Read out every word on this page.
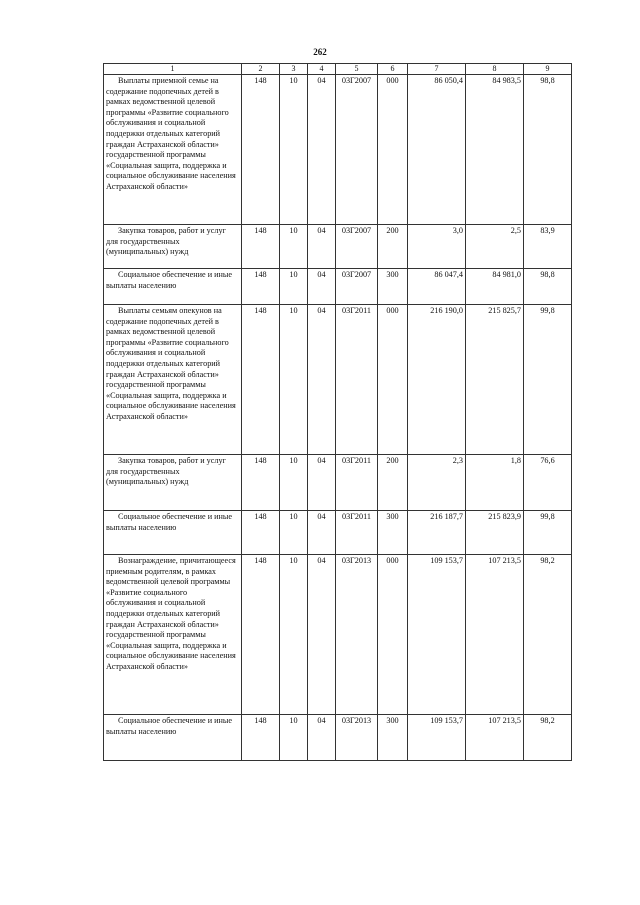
262
1	2	3	4	5	6	7	8	9
Выплаты приемной семье на содержание подопечных детей в рамках ведомственной целевой программы «Развитие социального обслуживания и социальной поддержки отдельных категорий граждан Астраханской области» государственной программы «Социальная защита, поддержка и социальное обслуживание населения Астраханской области»	148	10	04	03Г2007	000	86 050,4	84 983,5	98,8
Закупка товаров, работ и услуг для государственных (муниципальных) нужд	148	10	04	03Г2007	200	3,0	2,5	83,9
Социальное обеспечение и иные выплаты населению	148	10	04	03Г2007	300	86 047,4	84 981,0	98,8
Выплаты семьям опекунов на содержание подопечных детей в рамках ведомственной целевой программы «Развитие социального обслуживания и социальной поддержки отдельных категорий граждан Астраханской области» государственной программы «Социальная защита, поддержка и социальное обслуживание населения Астраханской области»	148	10	04	03Г2011	000	216 190,0	215 825,7	99,8
Закупка товаров, работ и услуг для государственных (муниципальных) нужд	148	10	04	03Г2011	200	2,3	1,8	76,6
Социальное обеспечение и иные выплаты населению	148	10	04	03Г2011	300	216 187,7	215 823,9	99,8
Вознаграждение, причитающееся приемным родителям, в рамках ведомственной целевой программы «Развитие социального обслуживания и социальной поддержки отдельных категорий граждан Астраханской области» государственной программы «Социальная защита, поддержка и социальное обслуживание населения Астраханской области»	148	10	04	03Г2013	000	109 153,7	107 213,5	98,2
Социальное обеспечение и иные выплаты населению	148	10	04	03Г2013	300	109 153,7	107 213,5	98,2
